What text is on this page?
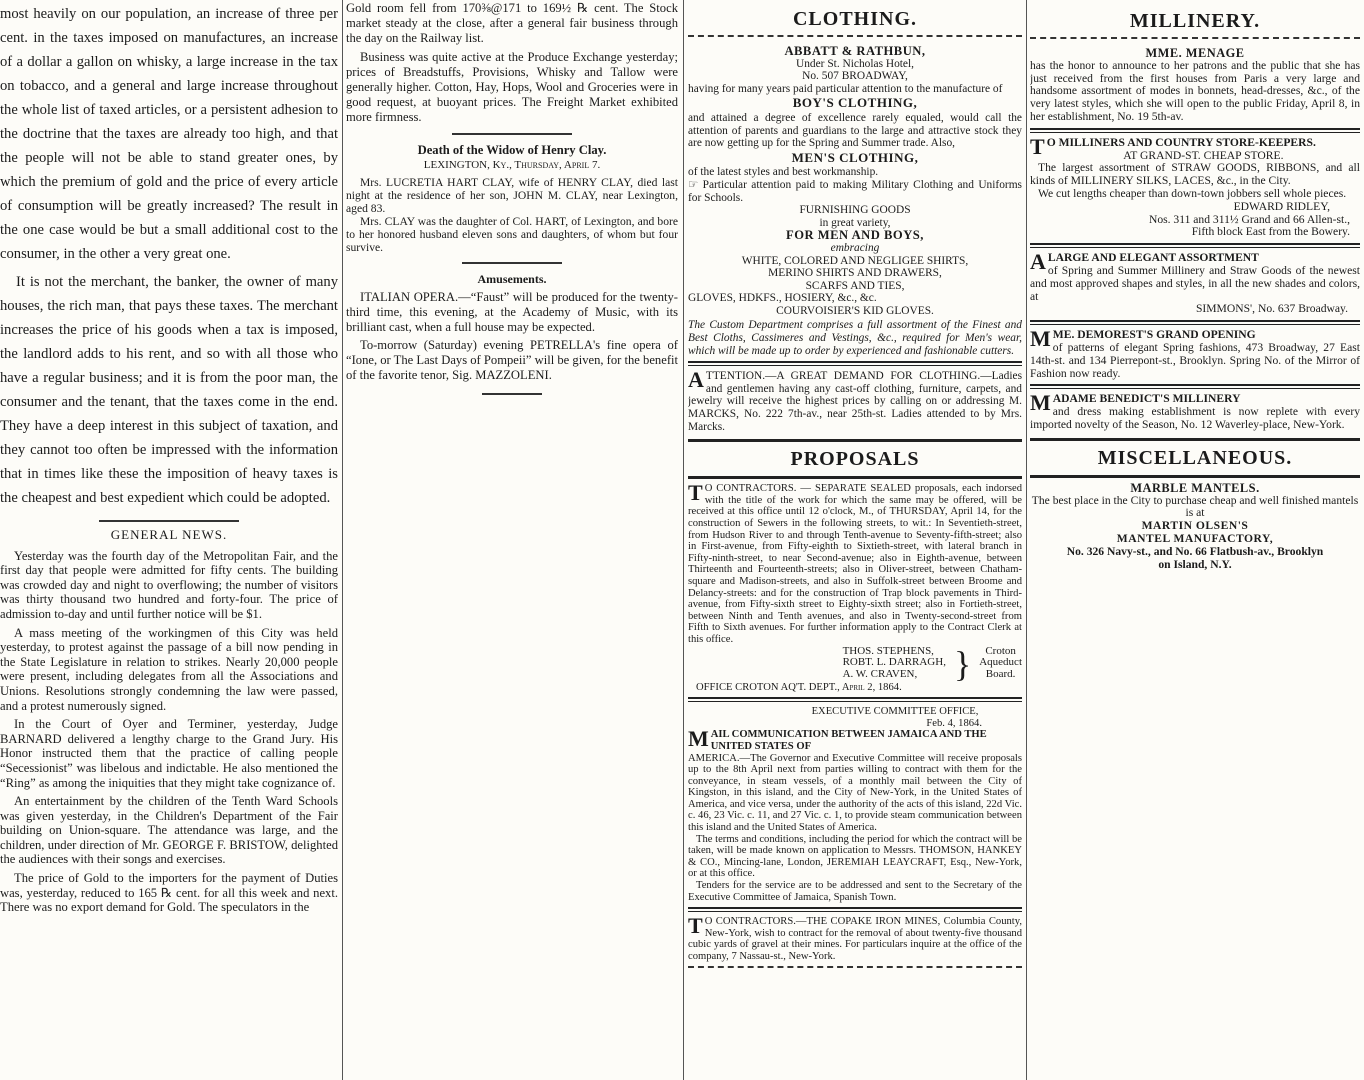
most heavily on our population, an increase of three per cent. in the taxes imposed on manufactures, an increase of a dollar a gallon on whisky, a large increase in the tax on tobacco, and a general and large increase throughout the whole list of taxed articles, or a persistent adhesion to the doctrine that the taxes are already too high, and that the people will not be able to stand greater ones, by which the premium of gold and the price of every article of consumption will be greatly increased? The result in the one case would be but a small additional cost to the consumer, in the other a very great one.

It is not the merchant, the banker, the owner of many houses, the rich man, that pays these taxes. The merchant increases the price of his goods when a tax is imposed, the landlord adds to his rent, and so with all those who have a regular business; and it is from the poor man, the consumer and the tenant, that the taxes come in the end. They have a deep interest in this subject of taxation, and they cannot too often be impressed with the information that in times like these the imposition of heavy taxes is the cheapest and best expedient which could be adopted.

GENERAL NEWS.

Yesterday was the fourth day of the Metropolitan Fair, and the first day that people were admitted for fifty cents. The building was crowded day and night to overflowing; the number of visitors was thirty thousand two hundred and forty-four. The price of admission to-day and until further notice will be $1.

A mass meeting of the workingmen of this City was held yesterday, to protest against the passage of a bill now pending in the State Legislature in relation to strikes. Nearly 20,000 people were present, including delegates from all the Associations and Unions. Resolutions strongly condemning the law were passed, and a protest numerously signed.

In the Court of Oyer and Terminer, yesterday, Judge BARNARD delivered a lengthy charge to the Grand Jury. His Honor instructed them that the practice of calling people “Secessionist” was libelous and indictable. He also mentioned the “Ring” as among the iniquities that they might take cognizance of.

An entertainment by the children of the Tenth Ward Schools was given yesterday, in the Children's Department of the Fair building on Union-square. The attendance was large, and the children, under direction of Mr. GEORGE F. BRISTOW, delighted the audiences with their songs and exercises.

The price of Gold to the importers for the payment of Duties was, yesterday, reduced to 165 ℞ cent. for all this week and next. There was no export demand for Gold. The speculators in the

Gold room fell from 170⅜@171 to 169½ ℞ cent. The Stock market steady at the close, after a general fair business through the day on the Railway list.

Business was quite active at the Produce Exchange yesterday; prices of Breadstuffs, Provisions, Whisky and Tallow were generally higher. Cotton, Hay, Hops, Wool and Groceries were in good request, at buoyant prices. The Freight Market exhibited more firmness.

Death of the Widow of Henry Clay.
LEXINGTON, Ky., Thursday, April 7.

Mrs. LUCRETIA HART CLAY, wife of HENRY CLAY, died last night at the residence of her son, JOHN M. CLAY, near Lexington, aged 83.

Mrs. CLAY was the daughter of Col. HART, of Lexington, and bore to her honored husband eleven sons and daughters, of whom but four survive.

Amusements.

ITALIAN OPERA.—“Faust” will be produced for the twenty-third time, this evening, at the Academy of Music, with its brilliant cast, when a full house may be expected.

To-morrow (Saturday) evening PETRELLA's fine opera of “Ione, or The Last Days of Pompeii” will be given, for the benefit of the favorite tenor, Sig. MAZZOLENI.

CLOTHING.
ABBATT & RATHBUN,
Under St. Nicholas Hotel,
No. 507 BROADWAY,

having for many years paid particular attention to the manufacture of

BOY'S CLOTHING,

and attained a degree of excellence rarely equaled, would call the attention of parents and guardians to the large and attractive stock they are now getting up for the Spring and Summer trade. Also,

MEN'S CLOTHING,

of the latest styles and best workmanship.

☞ Particular attention paid to making Military Clothing and Uniforms for Schools.

FURNISHING GOODS
in great variety,
FOR MEN AND BOYS,
embracing
WHITE, COLORED AND NEGLIGEE SHIRTS,
MERINO SHIRTS AND DRAWERS,
SCARFS AND TIES,
GLOVES, HDKFS., HOSIERY, &c., &c.
COURVOISIER'S KID GLOVES.

The Custom Department comprises a full assortment of the Finest and Best Cloths, Cassimeres and Vestings, &c., required for Men's wear, which will be made up to order by experienced and fashionable cutters.

A TTENTION.—A GREAT DEMAND FOR CLOTHING.—Ladies and gentlemen having any cast-off clothing, furniture, carpets, and jewelry will receive the highest prices by calling on or addressing M. MARCKS, No. 222 7th-av., near 25th-st. Ladies attended to by Mrs. Marcks.

PROPOSALS
T O CONTRACTORS. — SEPARATE SEALED proposals, each indorsed with the title of the work for which the same may be offered, will be received at this office until 12 o'clock, M., of THURSDAY, April 14, for the construction of Sewers in the following streets, to wit.: In Seventieth-street, from Hudson River to and through Tenth-avenue to Seventy-fifth-street; also in First-avenue, from Fifty-eighth to Sixtieth-street, with lateral branch in Fifty-ninth-street, to near Second-avenue; also in Eighth-avenue, between Thirteenth and Fourteenth-streets; also in Oliver-street, between Chatham-square and Madison-streets, and also in Suffolk-street between Broome and Delancy-streets: and for the construction of Trap block pavements in Third-avenue, from Fifty-sixth street to Eighty-sixth street; also in Fortieth-street, between Ninth and Tenth avenues, and also in Twenty-second-street from Fifth to Sixth avenues. For further information apply to the Contract Clerk at this office.

THOS. STEPHENS,
ROBT. L. DARRAGH,
A. W. CRAVEN,	}	Croton
Aqueduct
Board.
OFFICE CROTON AQ'T. DEPT., April 2, 1864.
EXECUTIVE COMMITTEE OFFICE,
Feb. 4, 1864.
M AIL COMMUNICATION BETWEEN JAMAICA AND THE UNITED STATES OF

AMERICA.—The Governor and Executive Committee will receive proposals up to the 8th April next from parties willing to contract with them for the conveyance, in steam vessels, of a monthly mail between the City of Kingston, in this island, and the City of New-York, in the United States of America, and vice versa, under the authority of the acts of this island, 22d Vic. c. 46, 23 Vic. c. 11, and 27 Vic. c. 1, to provide steam communication between this island and the United States of America.

The terms and conditions, including the period for which the contract will be taken, will be made known on application to Messrs. THOMSON, HANKEY & CO., Mincing-lane, London, JEREMIAH LEAYCRAFT, Esq., New-York, or at this office.

Tenders for the service are to be addressed and sent to the Secretary of the Executive Committee of Jamaica, Spanish Town.

T O CONTRACTORS.—THE COPAKE IRON MINES, Columbia County, New-York, wish to contract for the removal of about twenty-five thousand cubic yards of gravel at their mines. For particulars inquire at the office of the company, 7 Nassau-st., New-York.

MILLINERY.
MME. MENAGE

has the honor to announce to her patrons and the public that she has just received from the first houses from Paris a very large and handsome assortment of modes in bonnets, head-dresses, &c., of the very latest styles, which she will open to the public Friday, April 8, in her establishment, No. 19 5th-av.

T O MILLINERS AND COUNTRY STORE-KEEPERS.
AT GRAND-ST. CHEAP STORE.

The largest assortment of STRAW GOODS, RIBBONS, and all kinds of MILLINERY SILKS, LACES, &c., in the City.

We cut lengths cheaper than down-town jobbers sell whole pieces.

EDWARD RIDLEY,
Nos. 311 and 311½ Grand and 66 Allen-st.,
Fifth block East from the Bowery.
A LARGE AND ELEGANT ASSORTMENT

of Spring and Summer Millinery and Straw Goods of the newest and most approved shapes and styles, in all the new shades and colors, at

SIMMONS', No. 637 Broadway.
M ME. DEMOREST'S GRAND OPENING

of patterns of elegant Spring fashions, 473 Broadway, 27 East 14th-st. and 134 Pierrepont-st., Brooklyn. Spring No. of the Mirror of Fashion now ready.

M ADAME BENEDICT'S MILLINERY

and dress making establishment is now replete with every imported novelty of the Season, No. 12 Waverley-place, New-York.

MISCELLANEOUS.
MARBLE MANTELS.

The best place in the City to purchase cheap and well finished mantels is at

MARTIN OLSEN'S
MANTEL MANUFACTORY,
No. 326 Navy-st., and No. 66 Flatbush-av., Brooklyn
on Island, N.Y.
